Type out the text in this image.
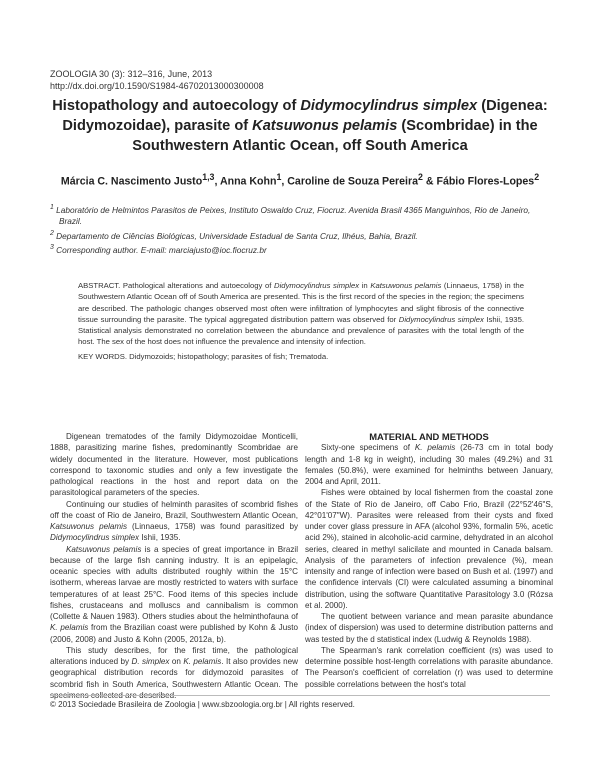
ZOOLOGIA 30 (3): 312–316, June, 2013
http://dx.doi.org/10.1590/S1984-46702013000300008
Histopathology and autoecology of Didymocylindrus simplex (Digenea: Didymozoidae), parasite of Katsuwonus pelamis (Scombridae) in the Southwestern Atlantic Ocean, off South America
Márcia C. Nascimento Justo$^{1,3}$, Anna Kohn$^1$, Caroline de Souza Pereira$^2$ & Fábio Flores-Lopes$^2$

$^1$ Laboratório de Helmintos Parasitos de Peixes, Instituto Oswaldo Cruz, Fiocruz. Avenida Brasil 4365 Manguinhos, Rio de Janeiro, Brazil.

$^2$ Departamento de Ciências Biológicas, Universidade Estadual de Santa Cruz, Ilhéus, Bahia, Brazil.

$^3$ Corresponding author. E-mail: marciajusto@ioc.fiocruz.br

ABSTRACT. Pathological alterations and autoecology of Didymocylindrus simplex in Katsuwonus pelamis (Linnaeus, 1758) in the Southwestern Atlantic Ocean off of South America are presented. This is the first record of the species in the region; the specimens are described. The pathologic changes observed most often were infiltration of lymphocytes and slight fibrosis of the connective tissue surrounding the parasite. The typical aggregated distribution pattern was observed for Didymocylindrus simplex Ishii, 1935. Statistical analysis demonstrated no correlation between the abundance and prevalence of parasites with the total length of the host. The sex of the host does not influence the prevalence and intensity of infection.

KEY WORDS. Didymozoids; histopathology; parasites of fish; Trematoda.

Digenean trematodes of the family Didymozoidae Monticelli, 1888, parasitizing marine fishes, predominantly Scombridae are widely documented in the literature. However, most publications correspond to taxonomic studies and only a few investigate the pathological reactions in the host and report data on the parasitological parameters of the species.

Continuing our studies of helminth parasites of scombrid fishes off the coast of Rio de Janeiro, Brazil, Southwestern Atlantic Ocean, Katsuwonus pelamis (Linnaeus, 1758) was found parasitized by Didymocylindrus simplex Ishii, 1935.

Katsuwonus pelamis is a species of great importance in Brazil because of the large fish canning industry. It is an epipelagic, oceanic species with adults distributed roughly within the 15°C isotherm, whereas larvae are mostly restricted to waters with surface temperatures of at least 25°C. Food items of this species include fishes, crustaceans and molluscs and cannibalism is common (Collette & Nauen 1983). Others studies about the helminthofauna of K. pelamis from the Brazilian coast were published by Kohn & Justo (2006, 2008) and Justo & Kohn (2005, 2012a, b).

This study describes, for the first time, the pathological alterations induced by D. simplex on K. pelamis. It also provides new geographical distribution records for didymozoid parasites of scombrid fish in South America, Southwestern Atlantic Ocean. The specimens collected are described.

MATERIAL AND METHODS

Sixty-one specimens of K. pelamis (26-73 cm in total body length and 1-8 kg in weight), including 30 males (49.2%) and 31 females (50.8%), were examined for helminths between January, 2004 and April, 2011.

Fishes were obtained by local fishermen from the coastal zone of the State of Rio de Janeiro, off Cabo Frio, Brazil (22°52'46"S, 42°01'07"W). Parasites were released from their cysts and fixed under cover glass pressure in AFA (alcohol 93%, formalin 5%, acetic acid 2%), stained in alcoholic-acid carmine, dehydrated in an alcohol series, cleared in methyl salicilate and mounted in Canada balsam. Analysis of the parameters of infection prevalence (%), mean intensity and range of infection were based on Bush et al. (1997) and the confidence intervals (CI) were calculated assuming a binominal distribution, using the software Quantitative Parasitology 3.0 (Rózsa et al. 2000).

The quotient between variance and mean parasite abundance (index of dispersion) was used to determine distribution patterns and was tested by the d statistical index (Ludwig & Reynolds 1988).

The Spearman's rank correlation coefficient (rs) was used to determine possible host-length correlations with parasite abundance. The Pearson's coefficient of correlation (r) was used to determine possible correlations between the host's total

© 2013 Sociedade Brasileira de Zoologia | www.sbzoologia.org.br | All rights reserved.
